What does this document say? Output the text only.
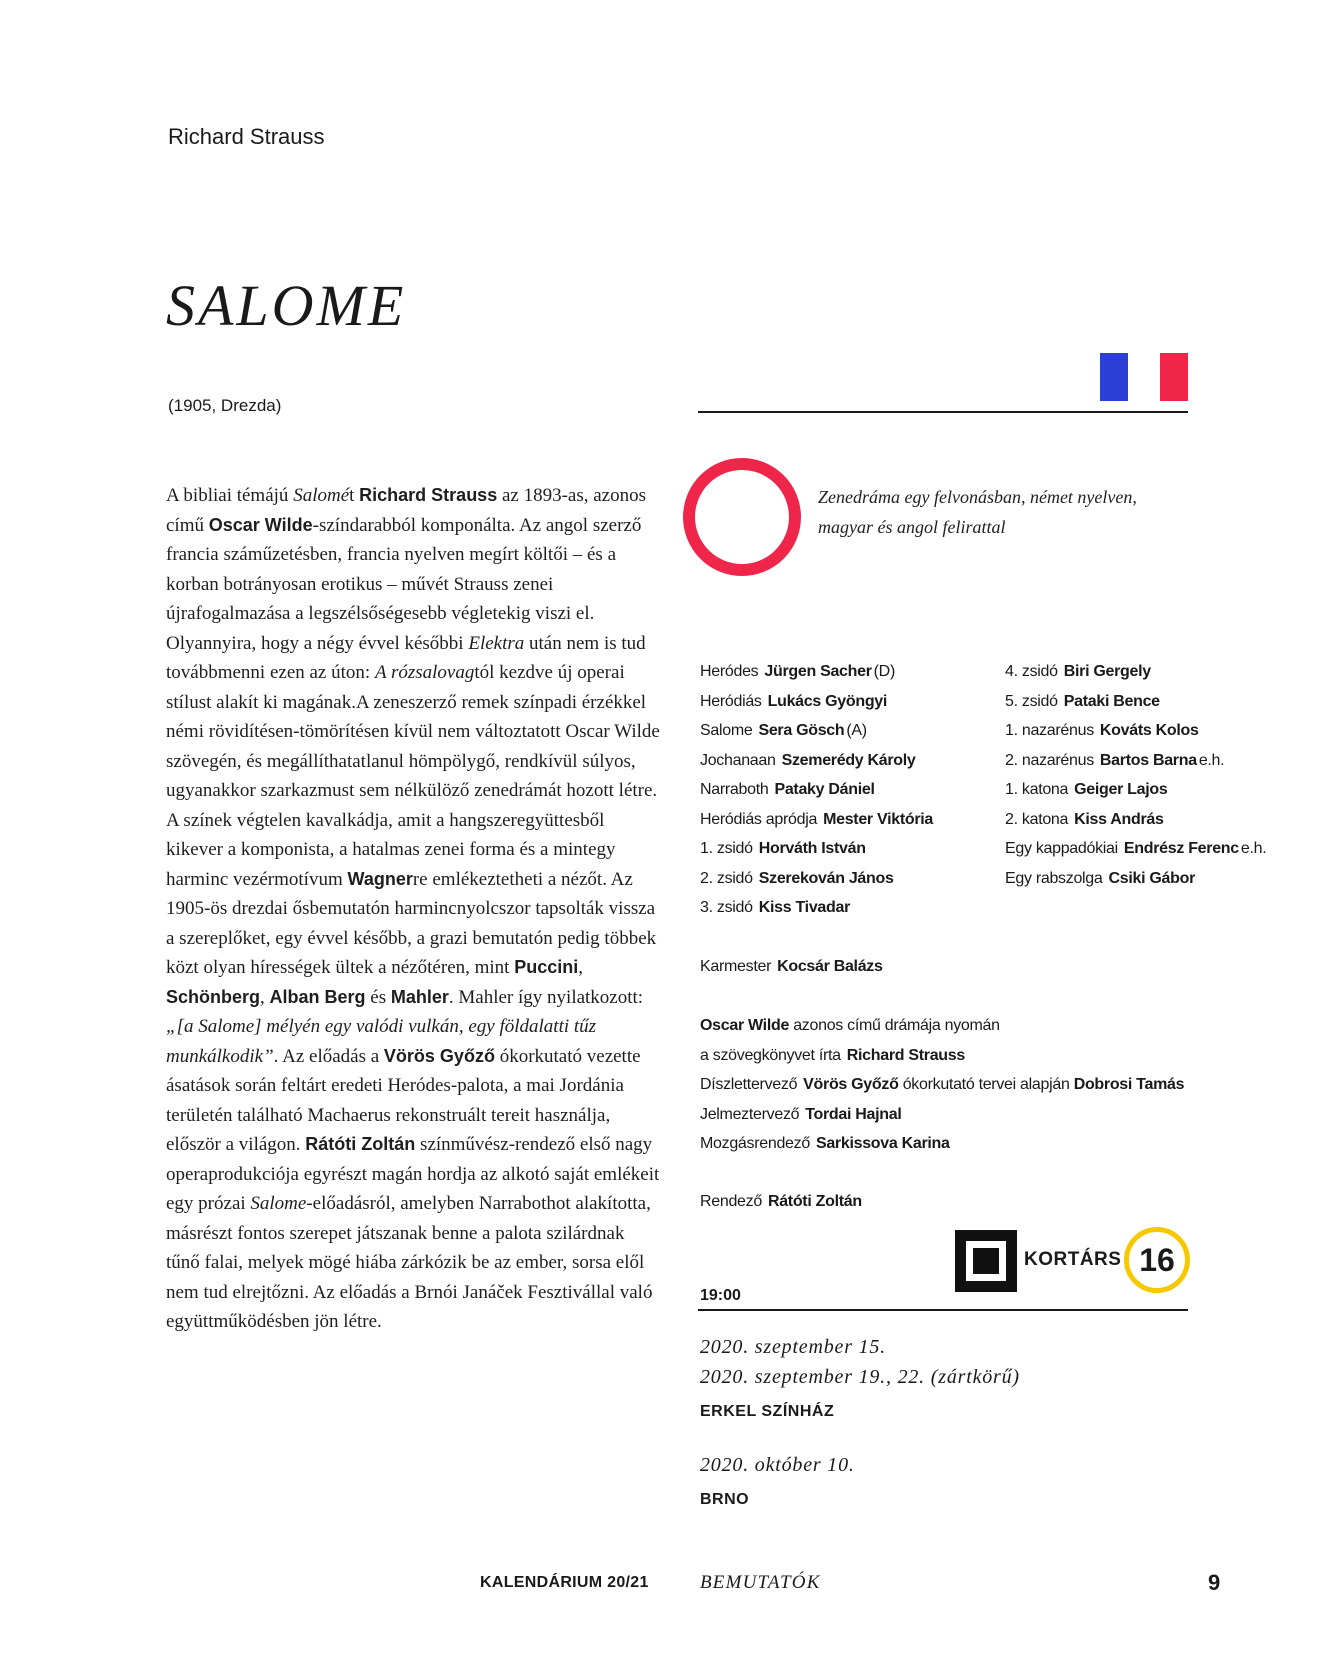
Richard Strauss
SALOME
(1905, Drezda)
Zenedráma egy felvonásban, német nyelven,
magyar és angol felirattal
A bibliai témájú Salomét Richard Strauss az 1893-as, azonos című Oscar Wilde-színdarabból komponálta. Az angol szerző francia száműzetésben, francia nyelven megírt költői – és a korban botrányosan erotikus – művét Strauss zenei újrafogalmazása a legszélsőségesebb végletekig viszi el. Olyannyira, hogy a négy évvel későbbi Elektra után nem is tud továbbmenni ezen az úton: A rózsalovagtól kezdve új operai stílust alakít ki magának.A zeneszerző remek színpadi érzékkel némi rövidítésen-tömörítésen kívül nem változtatott Oscar Wilde szövegén, és megállíthatatlanul hömpölygő, rendkívül súlyos, ugyanakkor szarkazmust sem nélkülöző zenedrámát hozott létre. A színek végtelen kavalkádja, amit a hangszeregyüttesből kikever a komponista, a hatalmas zenei forma és a mintegy harminc vezérmotívum Wagnerre emlékeztetheti a nézőt. Az 1905-ös drezdai ősbemutatón harmincnyolcszor tapsolták vissza a szereplőket, egy évvel később, a grazi bemutatón pedig többek közt olyan hírességek ültek a nézőtéren, mint Puccini, Schönberg, Alban Berg és Mahler. Mahler így nyilatkozott: „[a Salome] mélyén egy valódi vulkán, egy földalatti tűz munkálkodik”. Az előadás a Vörös Győző ókorkutató vezette ásatások során feltárt eredeti Heródes-palota, a mai Jordánia területén található Machaerus rekonstruált tereit használja, először a világon. Rátóti Zoltán színművész-rendező első nagy operaprodukciója egyrészt magán hordja az alkotó saját emlékeit egy prózai Salome-előadásról, amelyben Narrabothot alakította, másrészt fontos szerepet játszanak benne a palota szilárdnak tűnő falai, melyek mögé hiába zárkózik be az ember, sorsa elől nem tud elrejtőzni. Az előadás a Brnói Janáček Fesztivállal való együttműködésben jön létre.
Heródes Jürgen Sacher (D)
Heródiás Lukács Gyöngyi
Salome Sera Gösch (A)
Jochanaan Szemerédy Károly
Narraboth Pataky Dániel
Heródiás apródja Mester Viktória
1. zsidó Horváth István
2. zsidó Szerekován János
3. zsidó Kiss Tivadar
4. zsidó Biri Gergely
5. zsidó Pataki Bence
1. nazarénus Kováts Kolos
2. nazarénus Bartos Barna e.h.
1. katona Geiger Lajos
2. katona Kiss András
Egy kappadókiai Endrész Ferenc e.h.
Egy rabszolga Csiki Gábor
Karmester Kocsár Balázs
Oscar Wilde azonos című drámája nyomán
a szövegkönyvet írta Richard Strauss
Díszlettervező Vörös Győző ókorkutató tervei alapján Dobrosi Tamás
Jelmeztervező Tordai Hajnal
Mozgásrendező Sarkissova Karina
Rendező Rátóti Zoltán
KORTÁRS 16
19:00
2020. szeptember 15.
2020. szeptember 19., 22. (zártkörű)
ERKEL SZÍNHÁZ
2020. október 10.
BRNO
KALENDÁRIUM 20/21	BEMUTATÓK	9
